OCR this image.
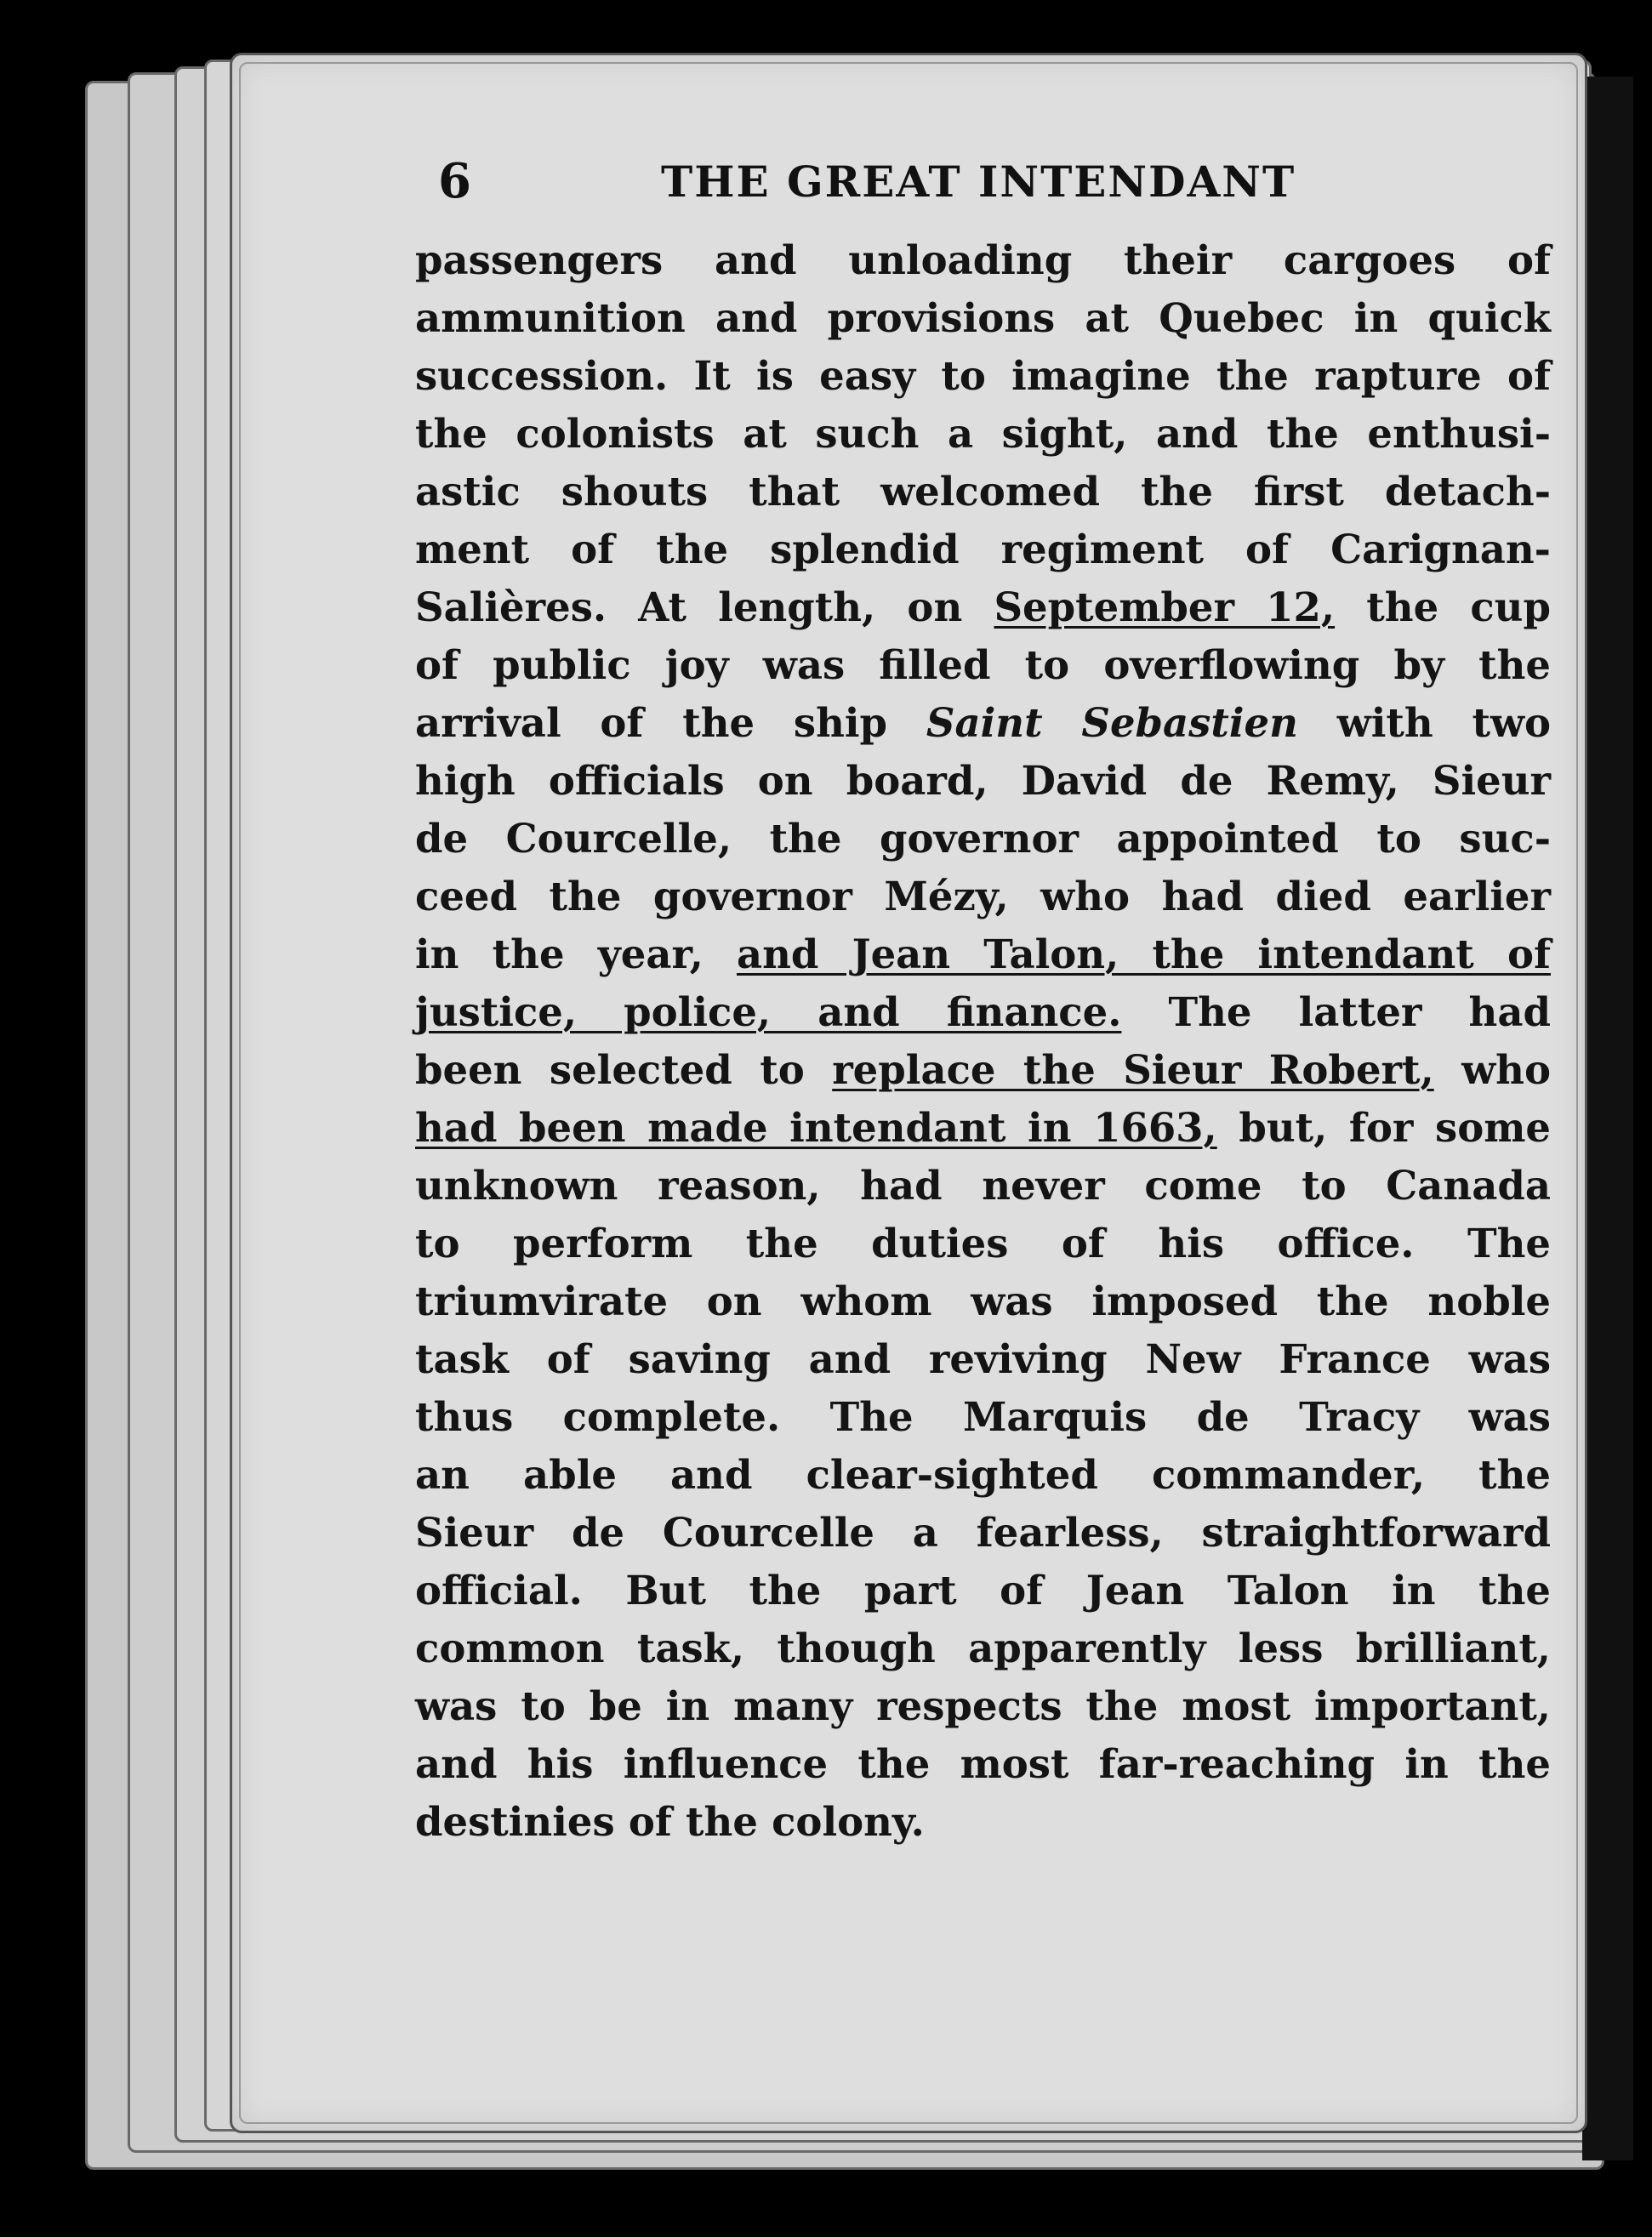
6	THE GREAT INTENDANT
passengers and unloading their cargoes of
ammunition and provisions at Quebec in quick
succession. It is easy to imagine the rapture of
the colonists at such a sight, and the enthusi-
astic shouts that welcomed the first detach-
ment of the splendid regiment of Carignan-
Salières. At length, on September 12, the cup
of public joy was filled to overflowing by the
arrival of the ship Saint Sebastien with two
high officials on board, David de Remy, Sieur
de Courcelle, the governor appointed to suc-
ceed the governor Mézy, who had died earlier
in the year, and Jean Talon, the intendant of
justice, police, and finance. The latter had
been selected to replace the Sieur Robert, who
had been made intendant in 1663, but, for some
unknown reason, had never come to Canada
to perform the duties of his office. The
triumvirate on whom was imposed the noble
task of saving and reviving New France was
thus complete. The Marquis de Tracy was
an able and clear-sighted commander, the
Sieur de Courcelle a fearless, straightforward
official. But the part of Jean Talon in the
common task, though apparently less brilliant,
was to be in many respects the most important,
and his influence the most far-reaching in the
destinies of the colony.
